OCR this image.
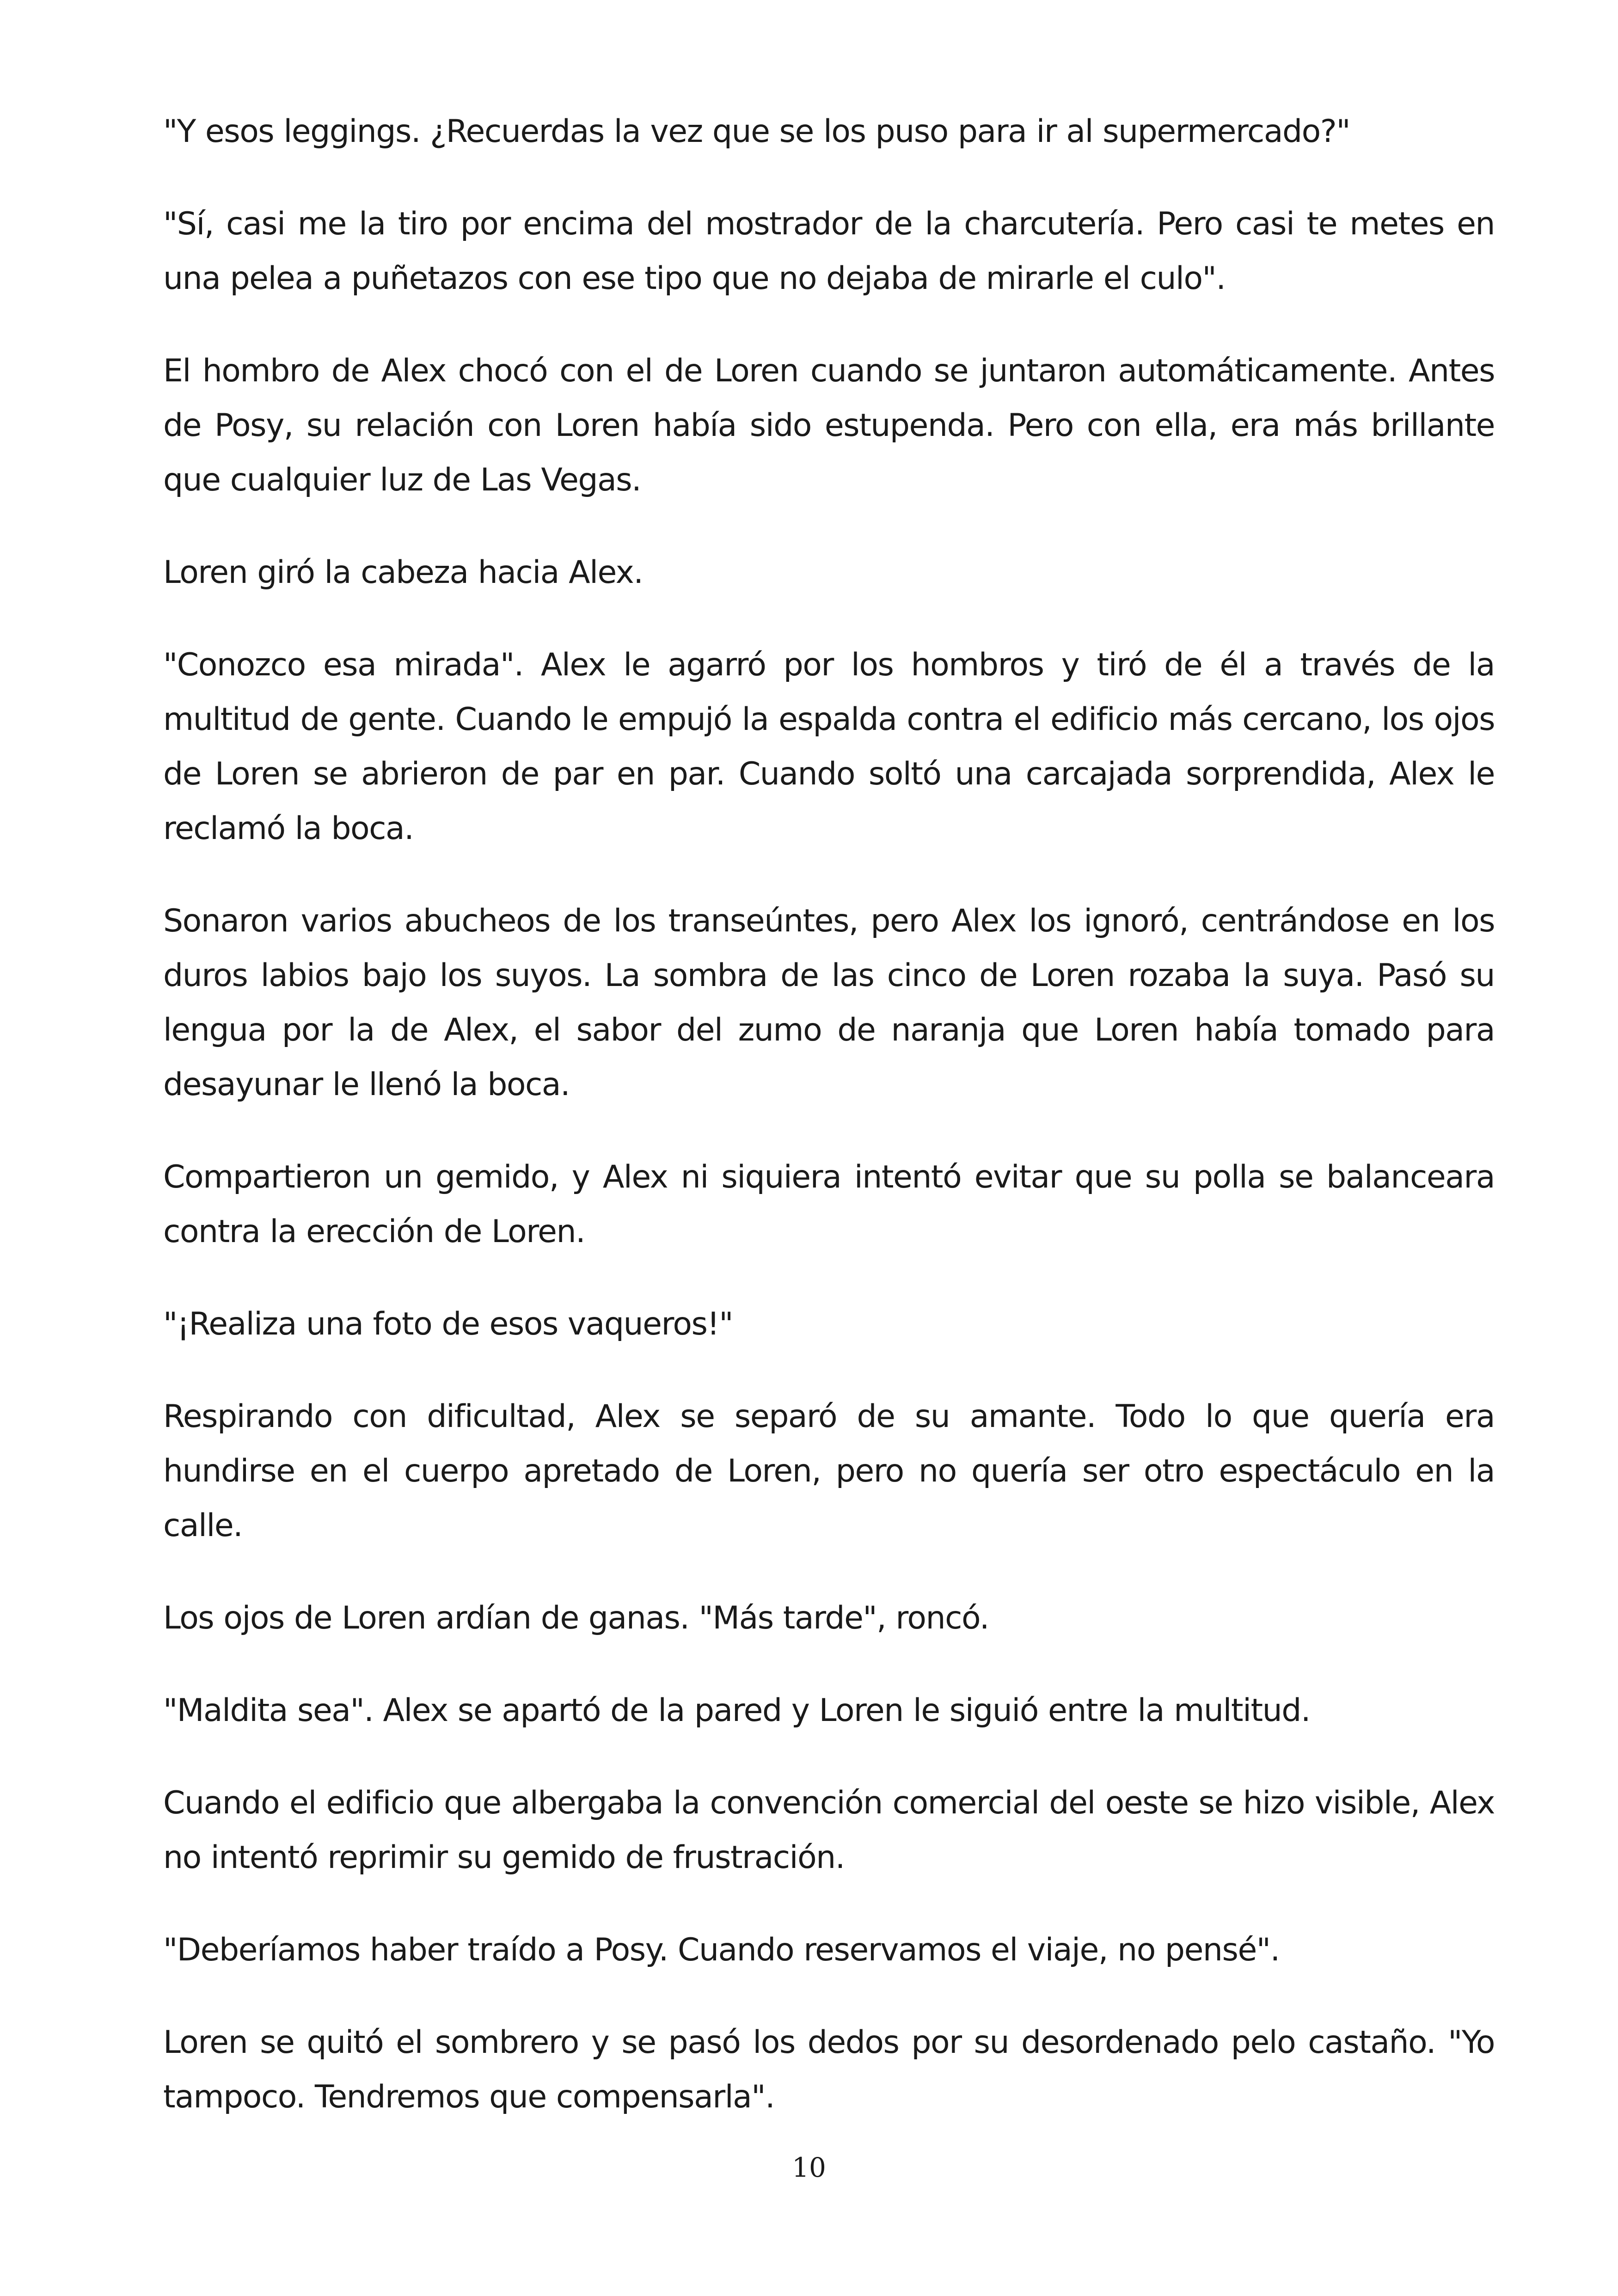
"Y esos leggings. ¿Recuerdas la vez que se los puso para ir al supermercado?"

"Sí, casi me la tiro por encima del mostrador de la charcutería. Pero casi te metes en una pelea a puñetazos con ese tipo que no dejaba de mirarle el culo".

El hombro de Alex chocó con el de Loren cuando se juntaron automáticamente. Antes de Posy, su relación con Loren había sido estupenda. Pero con ella, era más brillante que cualquier luz de Las Vegas.

Loren giró la cabeza hacia Alex.

"Conozco esa mirada". Alex le agarró por los hombros y tiró de él a través de la multitud de gente. Cuando le empujó la espalda contra el edificio más cercano, los ojos de Loren se abrieron de par en par. Cuando soltó una carcajada sorprendida, Alex le reclamó la boca.

Sonaron varios abucheos de los transeúntes, pero Alex los ignoró, centrándose en los duros labios bajo los suyos. La sombra de las cinco de Loren rozaba la suya. Pasó su lengua por la de Alex, el sabor del zumo de naranja que Loren había tomado para desayunar le llenó la boca.

Compartieron un gemido, y Alex ni siquiera intentó evitar que su polla se balanceara contra la erección de Loren.

"¡Realiza una foto de esos vaqueros!"

Respirando con dificultad, Alex se separó de su amante. Todo lo que quería era hundirse en el cuerpo apretado de Loren, pero no quería ser otro espectáculo en la calle.

Los ojos de Loren ardían de ganas. "Más tarde", roncó.

"Maldita sea". Alex se apartó de la pared y Loren le siguió entre la multitud.

Cuando el edificio que albergaba la convención comercial del oeste se hizo visible, Alex no intentó reprimir su gemido de frustración.

"Deberíamos haber traído a Posy. Cuando reservamos el viaje, no pensé".

Loren se quitó el sombrero y se pasó los dedos por su desordenado pelo castaño. "Yo tampoco. Tendremos que compensarla".

10
